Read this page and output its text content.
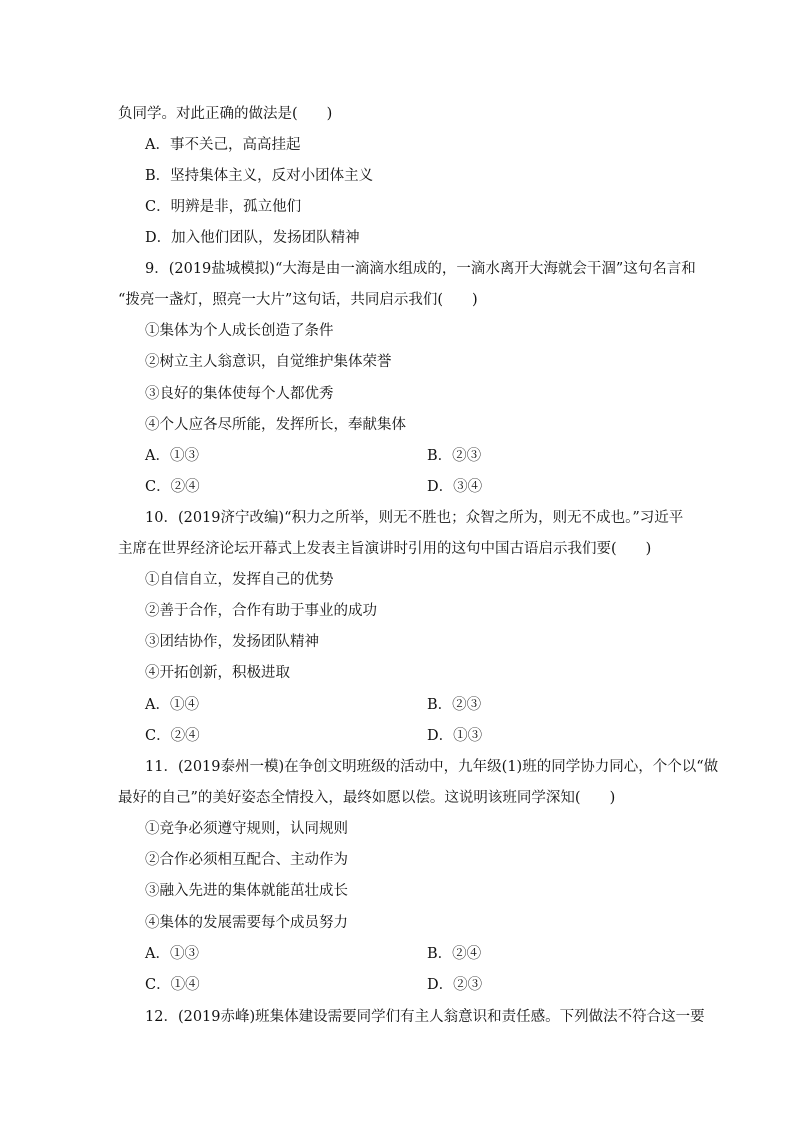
负同学。对此正确的做法是(　　)
A．事不关己，高高挂起
B．坚持集体主义，反对小团体主义
C．明辨是非，孤立他们
D．加入他们团队，发扬团队精神
9．(2019盐城模拟)“大海是由一滴滴水组成的，一滴水离开大海就会干涸”这句名言和
“拨亮一盏灯，照亮一大片”这句话，共同启示我们(　　)
①集体为个人成长创造了条件
②树立主人翁意识，自觉维护集体荣誉
③良好的集体使每个人都优秀
④个人应各尽所能，发挥所长，奉献集体
A．①③	B．②③
C．②④	D．③④
10．(2019济宁改编)“积力之所举，则无不胜也；众智之所为，则无不成也。”习近平
主席在世界经济论坛开幕式上发表主旨演讲时引用的这句中国古语启示我们要(　　)
①自信自立，发挥自己的优势
②善于合作，合作有助于事业的成功
③团结协作，发扬团队精神
④开拓创新，积极进取
A．①④	B．②③
C．②④	D．①③
11．(2019泰州一模)在争创文明班级的活动中，九年级(1)班的同学协力同心，个个以“做
最好的自己”的美好姿态全情投入，最终如愿以偿。这说明该班同学深知(　　)
①竞争必须遵守规则，认同规则
②合作必须相互配合、主动作为
③融入先进的集体就能茁壮成长
④集体的发展需要每个成员努力
A．①③	B．②④
C．①④	D．②③
12．(2019赤峰)班集体建设需要同学们有主人翁意识和责任感。下列做法不符合这一要
